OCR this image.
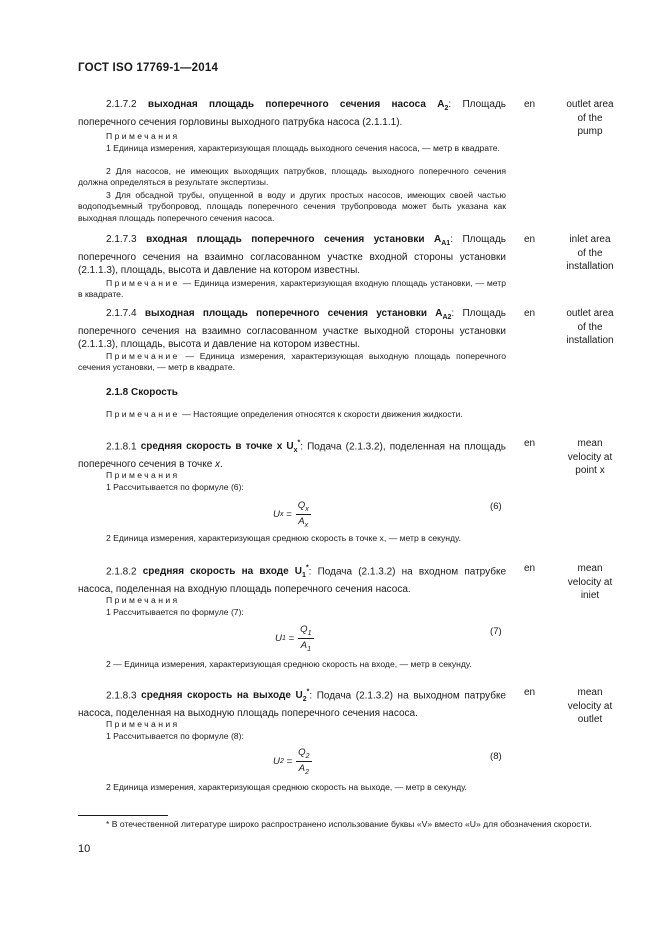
ГОСТ ISO 17769-1—2014
2.1.7.2 выходная площадь поперечного сечения насоса $A_2$: Площадь поперечного сечения горловины выходного патрубка насоса (2.1.1.1).
en	outlet area
of the
pump
Примечания
1 Единица измерения, характеризующая площадь выходного сечения насоса, — метр в квадрате.
2 Для насосов, не имеющих выходящих патрубков, площадь выходного поперечного сечения должна определяться в результате экспертизы.
3 Для обсадной трубы, опущенной в воду и других простых насосов, имеющих своей частью водоподъемный трубопровод, площадь поперечного сечения трубопровода может быть указана как выходная площадь поперечного сечения насоса.
2.1.7.3 входная площадь поперечного сечения установки $A_{A1}$: Площадь поперечного сечения на взаимно согласованном участке входной стороны установки (2.1.1.3), площадь, высота и давление на котором известны.
en	inlet area
of the
installation
Примечание — Единица измерения, характеризующая входную площадь установки, — метр в квадрате.
2.1.7.4 выходная площадь поперечного сечения установки $A_{A2}$: Площадь поперечного сечения на взаимно согласованном участке выходной стороны установки (2.1.1.3), площадь, высота и давление на котором известны.
en	outlet area
of the
installation
Примечание — Единица измерения, характеризующая выходную площадь поперечного сечения установки, — метр в квадрате.
2.1.8 Скорость
Примечание — Настоящие определения относятся к скорости движения жидкости.
2.1.8.1 средняя скорость в точке x $U_x^*$: Подача (2.1.3.2), поделенная на площадь поперечного сечения в точке x.
en	mean
velocity at
point x
Примечания
1 Рассчитывается по формуле (6):
U $x = \frac{Q_x}{A_x}$	(6)
2 Единица измерения, характеризующая среднюю скорость в точке x, — метр в секунду.
2.1.8.2 средняя скорость на входе $U_1^*$: Подача (2.1.3.2) на входном патрубке насоса, поделенная на входную площадь поперечного сечения насоса.
en	mean
velocity at
iniet
Примечания
1 Рассчитывается по формуле (7):
U $1 = \frac{Q_1}{A_1}$	(7)
2 — Единица измерения, характеризующая среднюю скорость на входе, — метр в секунду.
2.1.8.3 средняя скорость на выходе $U_2^*$: Подача (2.1.3.2) на выходном патрубке насоса, поделенная на выходную площадь поперечного сечения насоса.
en	mean
velocity at
outlet
Примечания
1 Рассчитывается по формуле (8):
U $2 = \frac{Q_2}{A_2}$	(8)
2 Единица измерения, характеризующая среднюю скорость на выходе, — метр в секунду.
* В отечественной литературе широко распространено использование буквы «V» вместо «U» для обозначения скорости.
10
